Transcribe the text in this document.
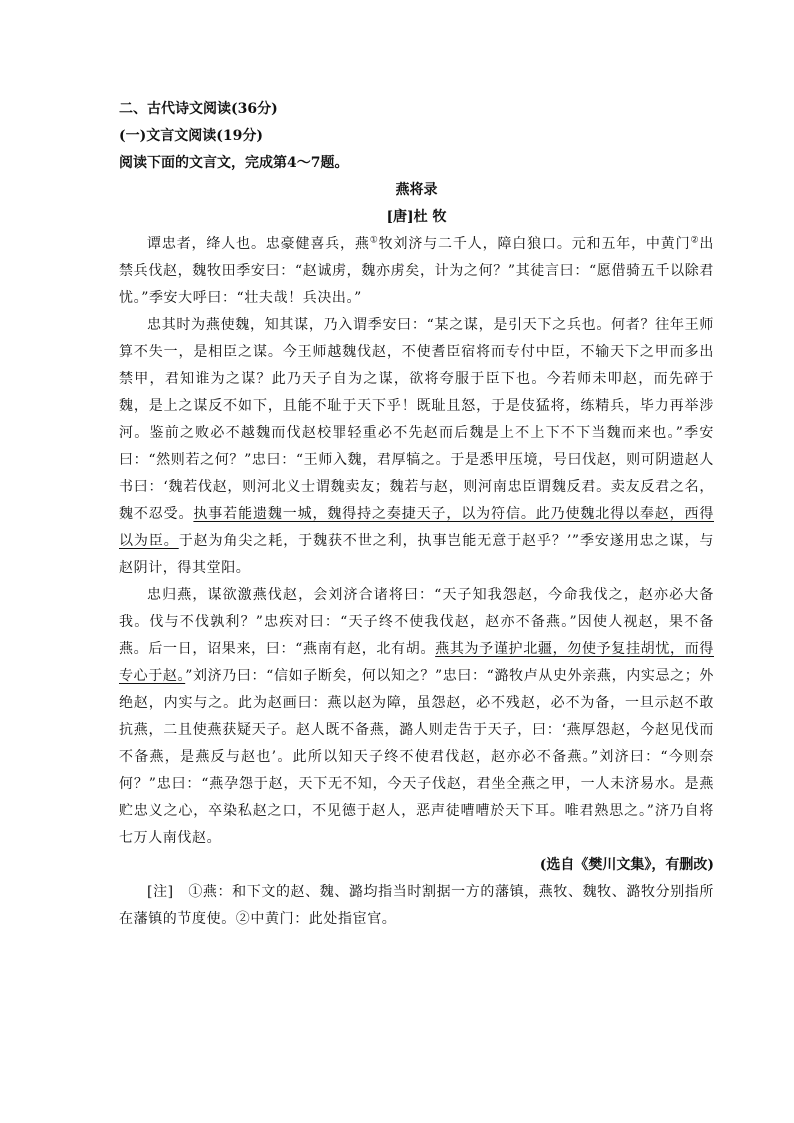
二、古代诗文阅读(36分)
(一)文言文阅读(19分)
阅读下面的文言文，完成第4～7题。
燕将录
[唐]杜 牧

谭忠者，绛人也。忠豪健喜兵，燕①牧刘济与二千人，障白狼口。元和五年，中黄门②出禁兵伐赵，魏牧田季安曰：“赵诚虏，魏亦虏矣，计为之何？”其徒言曰：“愿借骑五千以除君忧。”季安大呼曰：“壮夫哉！兵决出。”

忠其时为燕使魏，知其谋，乃入谓季安曰：“某之谋，是引天下之兵也。何者？往年王师算不失一，是相臣之谋。今王师越魏伐赵，不使耆臣宿将而专付中臣，不输天下之甲而多出禁甲，君知谁为之谋？此乃天子自为之谋，欲将夸服于臣下也。今若师未叩赵，而先碎于魏，是上之谋反不如下，且能不耻于天下乎！既耻且怒，于是伎猛将，练精兵，毕力再举涉河。鉴前之败必不越魏而伐赵校罪轻重必不先赵而后魏是上不上下不下当魏而来也。”季安曰：“然则若之何？”忠曰：“王师入魏，君厚犒之。于是悉甲压境，号曰伐赵，则可阴遗赵人书曰：‘魏若伐赵，则河北义士谓魏卖友；魏若与赵，则河南忠臣谓魏反君。卖友反君之名，魏不忍受。执事若能遗魏一城，魏得持之奏捷天子，以为符信。此乃使魏北得以奉赵，西得以为臣。于赵为角尖之耗，于魏获不世之利，执事岂能无意于赵乎？’”季安遂用忠之谋，与赵阴计，得其堂阳。

忠归燕，谋欲激燕伐赵，会刘济合诸将曰：“天子知我怨赵，今命我伐之，赵亦必大备我。伐与不伐孰利？”忠疾对曰：“天子终不使我伐赵，赵亦不备燕。”因使人视赵，果不备燕。后一日，诏果来，曰：“燕南有赵，北有胡。燕其为予谨护北疆，勿使予复挂胡忧，而得专心于赵。”刘济乃曰：“信如子断矣，何以知之？”忠曰：“潞牧卢从史外亲燕，内实忌之；外绝赵，内实与之。此为赵画曰：燕以赵为障，虽怨赵，必不残赵，必不为备，一旦示赵不敢抗燕，二且使燕获疑天子。赵人既不备燕，潞人则走告于天子，曰：‘燕厚怨赵，今赵见伐而不备燕，是燕反与赵也’。此所以知天子终不使君伐赵，赵亦必不备燕。”刘济曰：“今则奈何？”忠曰：“燕孕怨于赵，天下无不知，今天子伐赵，君坐全燕之甲，一人未济易水。是燕贮忠义之心，卒染私赵之口，不见德于赵人，恶声徒嘈嘈於天下耳。唯君熟思之。”济乃自将七万人南伐赵。

(选自《樊川文集》，有删改)

[注]　①燕：和下文的赵、魏、潞均指当时割据一方的藩镇，燕牧、魏牧、潞牧分别指所在藩镇的节度使。②中黄门：此处指宦官。
